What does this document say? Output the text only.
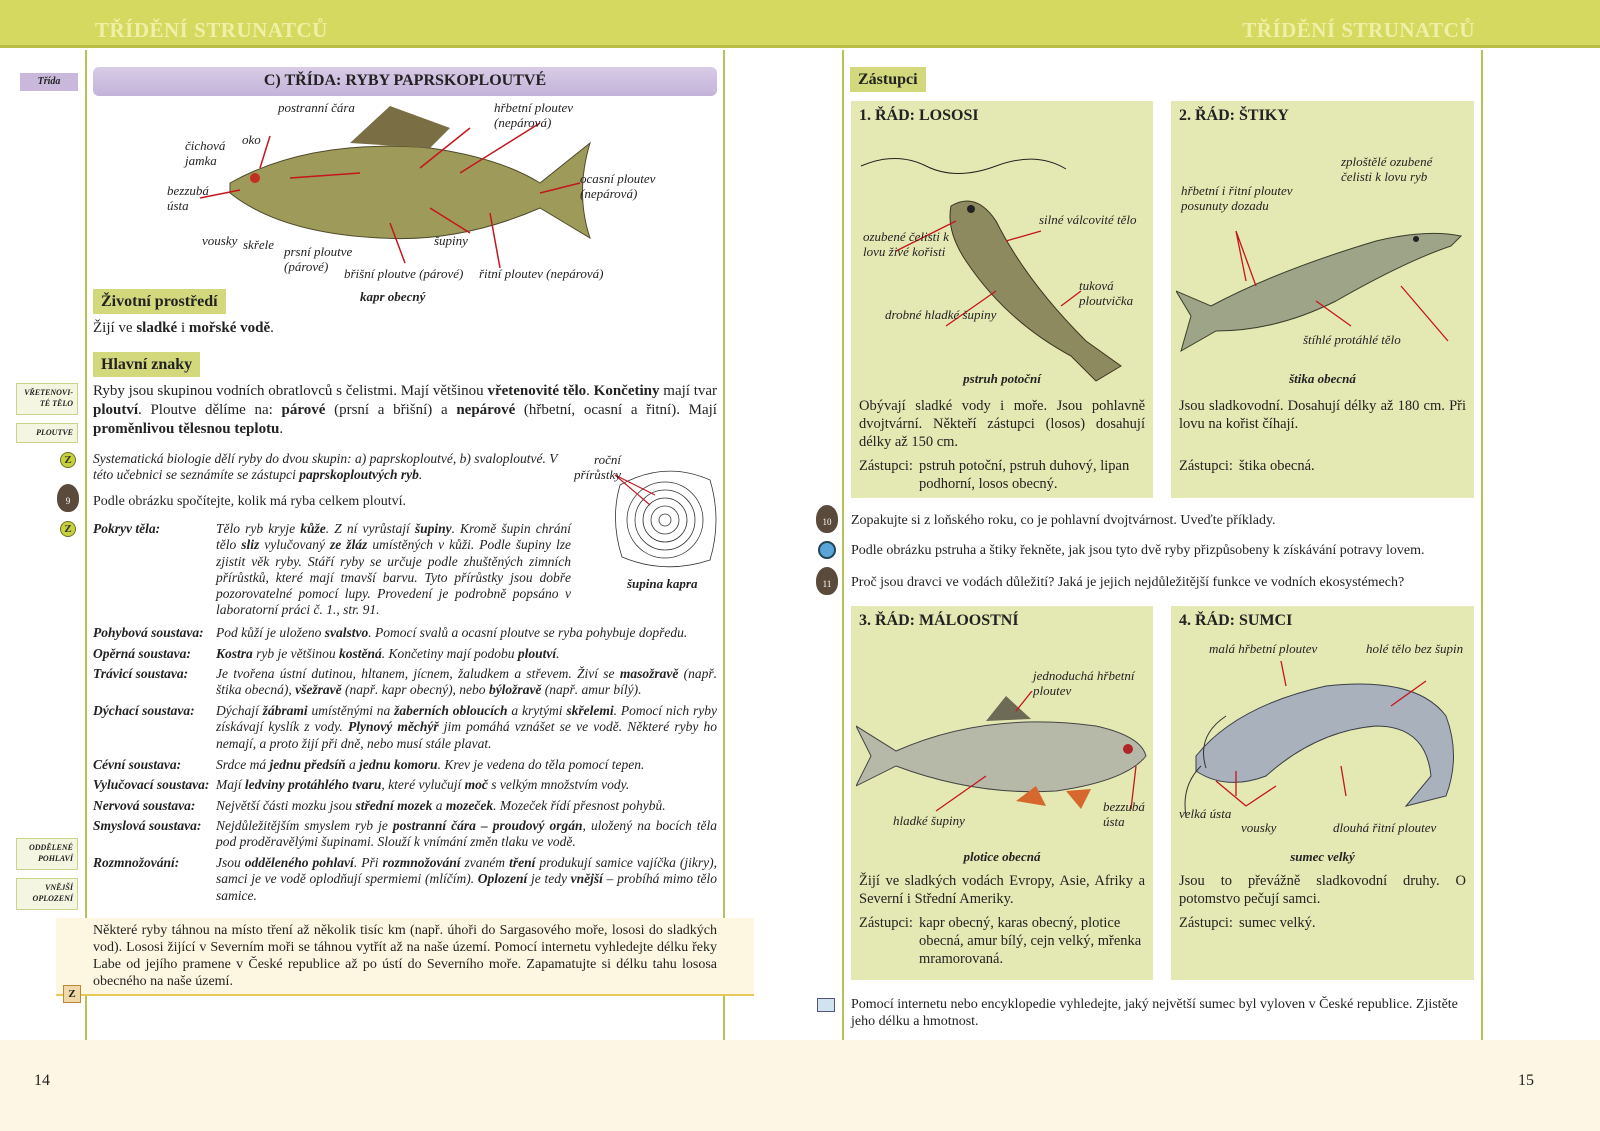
TŘÍDĚNÍ STRUNATCŮ	TŘÍDĚNÍ STRUNATCŮ
14	15
Třída	C) TŘÍDA: RYBY PAPRSKOPLOUTVÉ
postranní čára	hřbetní ploutev (nepárová)
čichová jamka
oko
bezzubá ústa
ocasní ploutev (nepárová)
vousky skřele prsní ploutve (párové)
šupiny
břišní ploutve (párové) řitní ploutev (nepárová)
kapr obecný
Životní prostředí
Žijí ve sladké i mořské vodě.
Hlavní znaky
Ryby jsou skupinou vodních obratlovců s čelistmi. Mají většinou vřetenovité tělo. Končetiny mají tvar ploutví. Ploutve dělíme na: párové (prsní a břišní) a nepárové (hřbetní, ocasní a řitní). Mají proměnlivou tělesnou teplotu.
VŘETENOVI-TÉ TĚLO
PLOUTVE
ODDĚLENÉ POHLAVÍ
VNĚJŠÍ OPLOZENÍ
Z
9
Z
Systematická biologie dělí ryby do dvou skupin: a) paprskoploutvé, b) svaloploutvé. V této učebnici se seznámíte se zástupci paprskoploutvých ryb.
Podle obrázku spočítejte, kolik má ryba celkem ploutví.
roční přírůstky
šupina kapra
Pokryv těla:	Tělo ryb kryje kůže. Z ní vyrůstají šupiny. Kromě šupin chrání tělo sliz vylučovaný ze žláz umístěných v kůži. Podle šupiny lze zjistit věk ryby. Stáří ryby se určuje podle zhuštěných zimních přírůstků, které mají tmavší barvu. Tyto přírůstky jsou dobře pozorovatelné pomocí lupy. Provedení je podrobně popsáno v laboratorní práci č. 1., str. 91.
Pohybová soustava: Pod kůží je uloženo svalstvo. Pomocí svalů a ocasní ploutve se ryba pohybuje dopředu.
Opěrná soustava: Kostra ryb je většinou kostěná. Končetiny mají podobu ploutví.
Trávicí soustava: Je tvořena ústní dutinou, hltanem, jícnem, žaludkem a střevem. Živí se masožravě (např. štika obecná), všežravě (např. kapr obecný), nebo býložravě (např. amur bílý).
Dýchací soustava: Dýchají žábrami umístěnými na žaberních obloucích a krytými skřelemi. Pomocí nich ryby získávají kyslík z vody. Plynový měchýř jim pomáhá vznášet se ve vodě. Některé ryby ho nemají, a proto žijí při dně, nebo musí stále plavat.
Cévní soustava:	Srdce má jednu předsíň a jednu komoru. Krev je vedena do těla pomocí tepen.
Vylučovací soustava: Mají ledviny protáhlého tvaru, které vylučují moč s velkým množstvím vody.
Nervová soustava: Největší části mozku jsou střední mozek a mozeček. Mozeček řídí přesnost pohybů.
Smyslová soustava: Nejdůležitějším smyslem ryb je postranní čára – proudový orgán, uložený na bocích těla pod proděravělými šupinami. Slouží k vnímání změn tlaku ve vodě.
Rozmnožování:	Jsou odděleného pohlaví. Při rozmnožování zvaném tření produkují samice vajíčka (jikry), samci je ve vodě oplodňují spermiemi (mlíčím). Oplození je tedy vnější – probíhá mimo tělo samice.
Některé ryby táhnou na místo tření až několik tisíc km (např. úhoři do Sargasového moře, lososi do sladkých vod). Lososi žijící v Severním moři se táhnou vytřít až na naše území. Pomocí internetu vyhledejte délku řeky Labe od jejího pramene v České republice až po ústí do Severního moře. Zapamatujte si délku tahu lososa obecného na naše území.
Z
Zástupci
1. ŘÁD: LOSOSI
ozubené čelisti k lovu živé kořisti
silné válcovité tělo
tuková ploutvička
drobné hladké šupiny
pstruh potoční
Obývají sladké vody i moře. Jsou pohlavně dvojtvární. Někteří zástupci (losos) dosahují délky až 150 cm.
Zástupci: pstruh potoční, pstruh duhový, lipan podhorní, losos obecný.
2. ŘÁD: ŠTIKY
hřbetní i řitní ploutev posunuty dozadu
zploštělé ozubené čelisti k lovu ryb
štíhlé protáhlé tělo
štika obecná
Jsou sladkovodní. Dosahují délky až 180 cm. Při lovu na kořist číhají.
Zástupci: štika obecná.
10	Zopakujte si z loňského roku, co je pohlavní dvojtvárnost. Uveďte příklady.
Podle obrázku pstruha a štiky řekněte, jak jsou tyto dvě ryby přizpůsobeny k získávání potravy lovem.
11	Proč jsou dravci ve vodách důležití? Jaká je jejich nejdůležitější funkce ve vodních ekosystémech?
3. ŘÁD: MÁLOOSTNÍ
jednoduchá hřbetní ploutev
hladké šupiny
bezzubá ústa
plotice obecná
Žijí ve sladkých vodách Evropy, Asie, Afriky a Severní i Střední Ameriky.
Zástupci: kapr obecný, karas obecný, plotice obecná, amur bílý, cejn velký, mřenka mramorovaná.
4. ŘÁD: SUMCI
malá hřbetní ploutev	holé tělo bez šupin
velká ústa
vousky	dlouhá řitní ploutev
sumec velký
Jsou to převážně sladkovodní druhy. O potomstvo pečují samci.
Zástupci: sumec velký.
Pomocí internetu nebo encyklopedie vyhledejte, jaký největší sumec byl vyloven v České republice. Zjistěte jeho délku a hmotnost.
